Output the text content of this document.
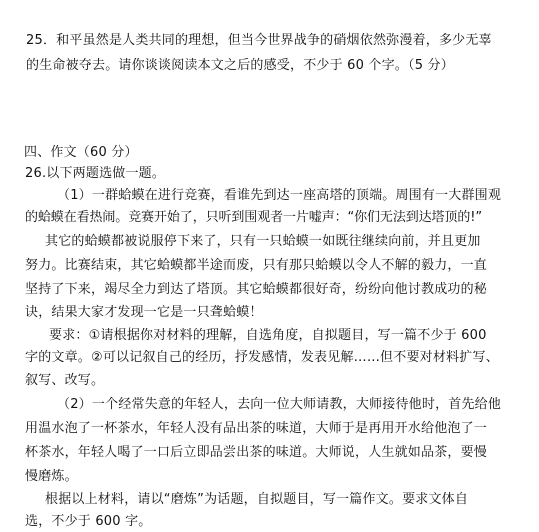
25．和平虽然是人类共同的理想，但当今世界战争的硝烟依然弥漫着，多少无辜
的生命被夺去。请你谈谈阅读本文之后的感受，不少于 60 个字。（5 分）
四、作文（60 分）
26.以下两题选做一题。
（1）一群蛤蟆在进行竞赛，看谁先到达一座高塔的顶端。周围有一大群围观
的蛤蟆在看热闹。竞赛开始了，只听到围观者一片嘘声：“你们无法到达塔顶的!”
其它的蛤蟆都被说服停下来了，只有一只蛤蟆一如既往继续向前，并且更加
努力。比赛结束，其它蛤蟆都半途而废，只有那只蛤蟆以令人不解的毅力，一直
坚持了下来，竭尽全力到达了塔顶。其它蛤蟆都很好奇，纷纷向他讨教成功的秘
诀，结果大家才发现一它是一只聋蛤蟆！
要求：①请根据你对材料的理解，自选角度，自拟题目，写一篇不少于 600
字的文章。②可以记叙自己的经历，抒发感情，发表见解……但不要对材料扩写、
叙写、改写。
（2）一个经常失意的年轻人，去向一位大师请教，大师接待他时，首先给他
用温水泡了一杯茶水，年轻人没有品出茶的味道，大师于是再用开水给他泡了一
杯茶水，年轻人喝了一口后立即品尝出茶的味道。大师说，人生就如品茶，要慢
慢磨炼。
根据以上材料，请以“磨炼”为话题，自拟题目，写一篇作文。要求文体自
选，不少于 600 字。
